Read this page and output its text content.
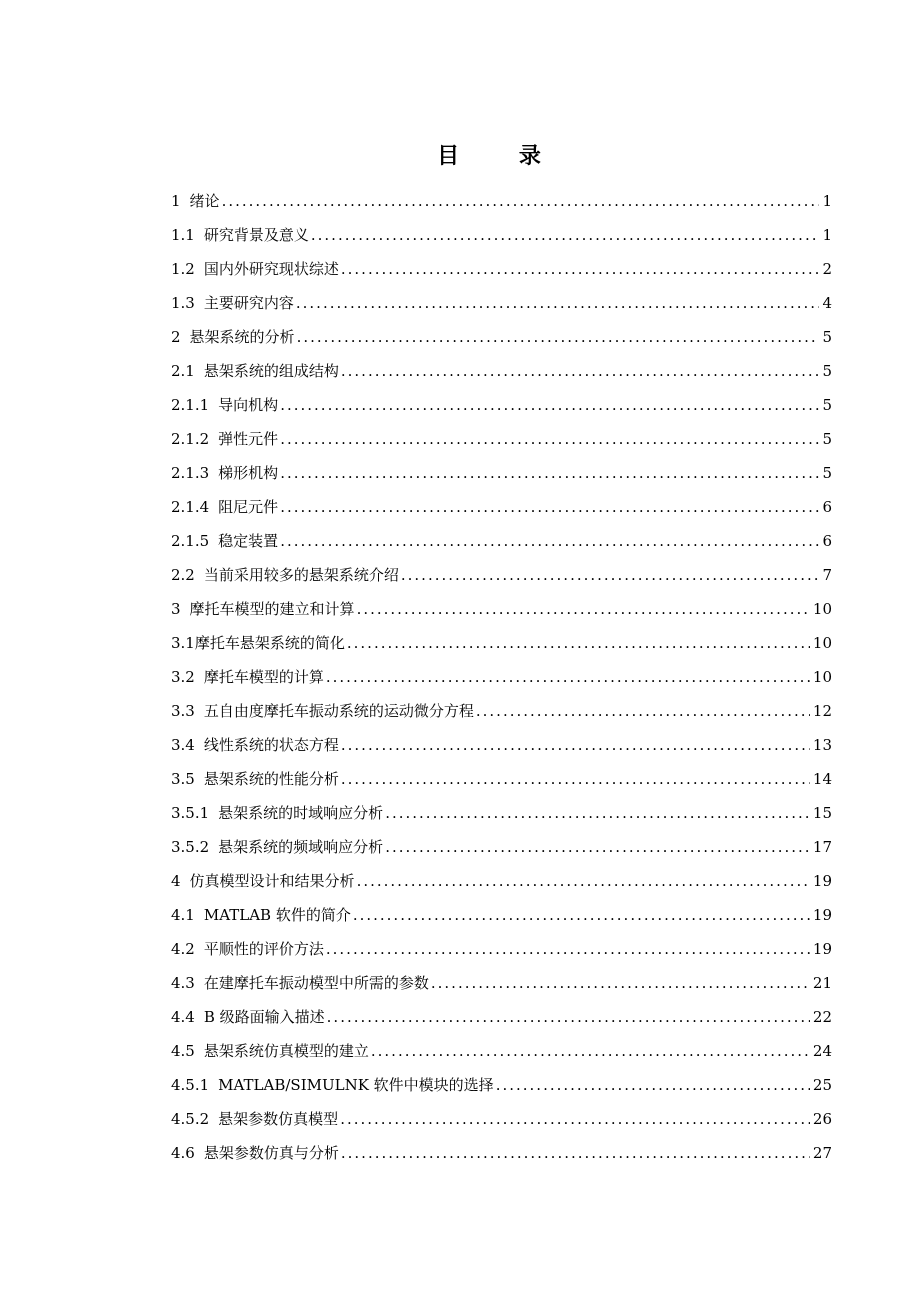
目 录
1 绪论 .....	1
1.1 研究背景及意义 .....	1
1.2 国内外研究现状综述 .....	2
1.3 主要研究内容 .....	4
2 悬架系统的分析 .....	5
2.1 悬架系统的组成结构 .....	5
2.1.1 导向机构 .....	5
2.1.2 弹性元件 .....	5
2.1.3 梯形机构 .....	5
2.1.4 阻尼元件 .....	6
2.1.5 稳定装置 .....	6
2.2 当前采用较多的悬架系统介绍 .....	7
3 摩托车模型的建立和计算 .....	10
3.1 摩托车悬架系统的简化 .....	10
3.2 摩托车模型的计算 .....	10
3.3 五自由度摩托车振动系统的运动微分方程 .....	12
3.4 线性系统的状态方程 .....	13
3.5 悬架系统的性能分析 .....	14
3.5.1 悬架系统的时域响应分析 .....	15
3.5.2 悬架系统的频域响应分析 .....	17
4 仿真模型设计和结果分析 .....	19
4.1 MATLAB 软件的简介 .....	19
4.2 平顺性的评价方法 .....	19
4.3 在建摩托车振动模型中所需的参数 .....	21
4.4 B 级路面输入描述 .....	22
4.5 悬架系统仿真模型的建立 .....	24
4.5.1 MATLAB/SIMULNK 软件中模块的选择 .....	25
4.5.2 悬架参数仿真模型 .....	26
4.6 悬架参数仿真与分析 .....	27
